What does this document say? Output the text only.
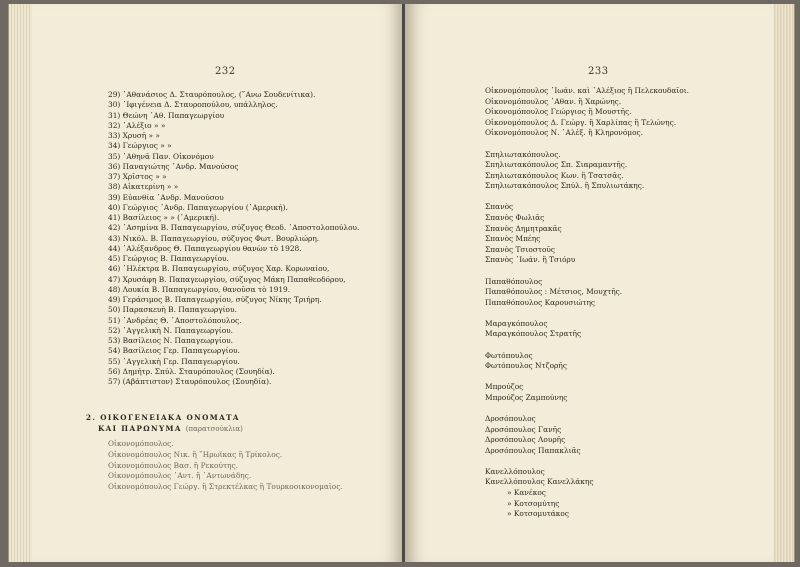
232
29) ᾿Αθανάσιος Δ. Σταυρόπουλος, (῎Ανω Σουδενίτικα).
30) ᾿Ιφιγένεια Δ. Σταυροπούλου, υπάλληλος.
31) Θεώνη ᾿Αθ. Παπαγεωργίου
32) ᾿Αλέξιο » »
33) Χρυσῆ » »
34) Γεώργιος » »
35) ᾿Αθηνᾶ Παν. Οἰκονόμου
36) Παναγιώτης ᾿Ανδρ. Μανούσος
37) Χρῖστος » »
38) Αἰκατερίνη » »
39) Εὐανθία ᾿Ανδρ. Μανούσου
40) Γεώργιος ᾿Ανδρ. Παπαγεωργίου (᾿Αμερική).
41) Βασίλειος » » (᾿Αμερική).
42) ᾿Ασημίνα Β. Παπαγεωργίου, σύζυγος Θεοδ. ᾿Αποστολοπούλου.
43) Νικόλ. Β. Παπαγεωργίου, σύζυγος Φωτ. Βουρλιώρη.
44) ᾿Αλέξανδρος Θ. Παπαγεωργίου θανὼν τὸ 1928.
45) Γεώργιος Β. Παπαγεωργίου.
46) ᾿Ηλέκτρα Β. Παπαγεωργίου, σύζυγος Χαρ. Κορωναίου,
47) Χρυσάφη Β. Παπαγεωργίου, σύζυγος Μάκη Παπαθεοδόρου,
48) Λουκία Β. Παπαγεωργίου, θανοῦσα τὸ 1919.
49) Γεράσιμος Β. Παπαγεωργίου, σύζυγος Νίκης Τριήρη.
50) Παρασκευὴ Β. Παπαγεωργίου.
51) ᾿Ανδρέας Θ. ᾿Αποστολόπουλος.
52) ᾿Αγγελικὴ Ν. Παπαγεωργίου.
53) Βασίλειος Ν. Παπαγεωργίου.
54) Βασίλειος Γερ. Παπαγεωργίου.
55) ᾿Αγγελικὴ Γερ. Παπαγεωργίου.
56) Δημήτρ. Σπύλ. Σταυρόπουλος (Σουηδία).
57) (Αβάπτιστον) Σταυρόπουλος (Σουηδία).
2. ΟΙΚΟΓΕΝΕΙΑΚΑ ΟΝΟΜΑΤΑ
ΚΑΙ ΠΑΡΩΝΥΜΑ (παρατσούκλια)
Οἰκονομόπουλος.
Οἰκονομόπουλος Νικ. ἢ ῞Ηρωϊκας ἢ Τρίκολος.
Οἰκονομόπουλος Βασ. ἢ Ρεκούτης.
Οἰκονομόπουλος ᾿Αντ. ἢ ᾿Αντωνάδης.
Οἰκονομόπουλος Γεώργ. ἢ Στρεκτέλκας ἢ Τουρκοοικονομαῖος.
233
Οἰκονομόπουλος ᾿Ιωάν. καὶ ᾿Αλέξιος ἢ Πελεκουδαῖοι.
Οἰκονομόπουλος ᾿Αθαν. ἢ Χαρώνης.
Οἰκονομόπουλος Γεώργιος ἢ Μουστῆς.
Οἰκονομόπουλος Δ. Γεώργ. ἢ Χαρλίπας ἢ Τελώνης.
Οἰκονομόπουλος Ν. ᾿Αλέξ. ἢ Κληρονόμος.
Σπηλιωτακόπουλος.
Σπηλιωτακόπουλος Σπ. Σιαραμαντῆς.
Σπηλιωτακόπουλος Κων. ἢ Τσατσᾶς.
Σπηλιωτακόπουλος Σπύλ. ἢ Σπυλιωτάκης.
Σπανὸς
Σπανὸς Φωλιᾶς
Σπανὸς Δημητρακᾶς
Σπανὸς Μπέης
Σπανὸς Τσιοστοῦς
Σπανὸς ᾿Ιωάν. ἢ Τσιόρυ
Παπαθόπουλος
Παπαθόπουλος : Μέτσιος, Μουχτῆς.
Παπαθόπουλος Καρουσιώτης
Μαραγκόπουλος
Μαραγκόπουλος Στρατῆς
Φωτόπουλος
Φωτόπουλος Ντζορῆς
Μπρούζος
Μπρούζος Ζαμπούνης
Δροσόπουλος
Δροσόπουλος Γανῆς
Δροσόπουλος Λουρῆς
Δροσόπουλος Παπακλιᾶς
Κανελλόπουλος
Κανελλόπουλος Κανελλάκης
» Κανέκος
» Κοτσομύτης
» Κοτσομυτάκος
